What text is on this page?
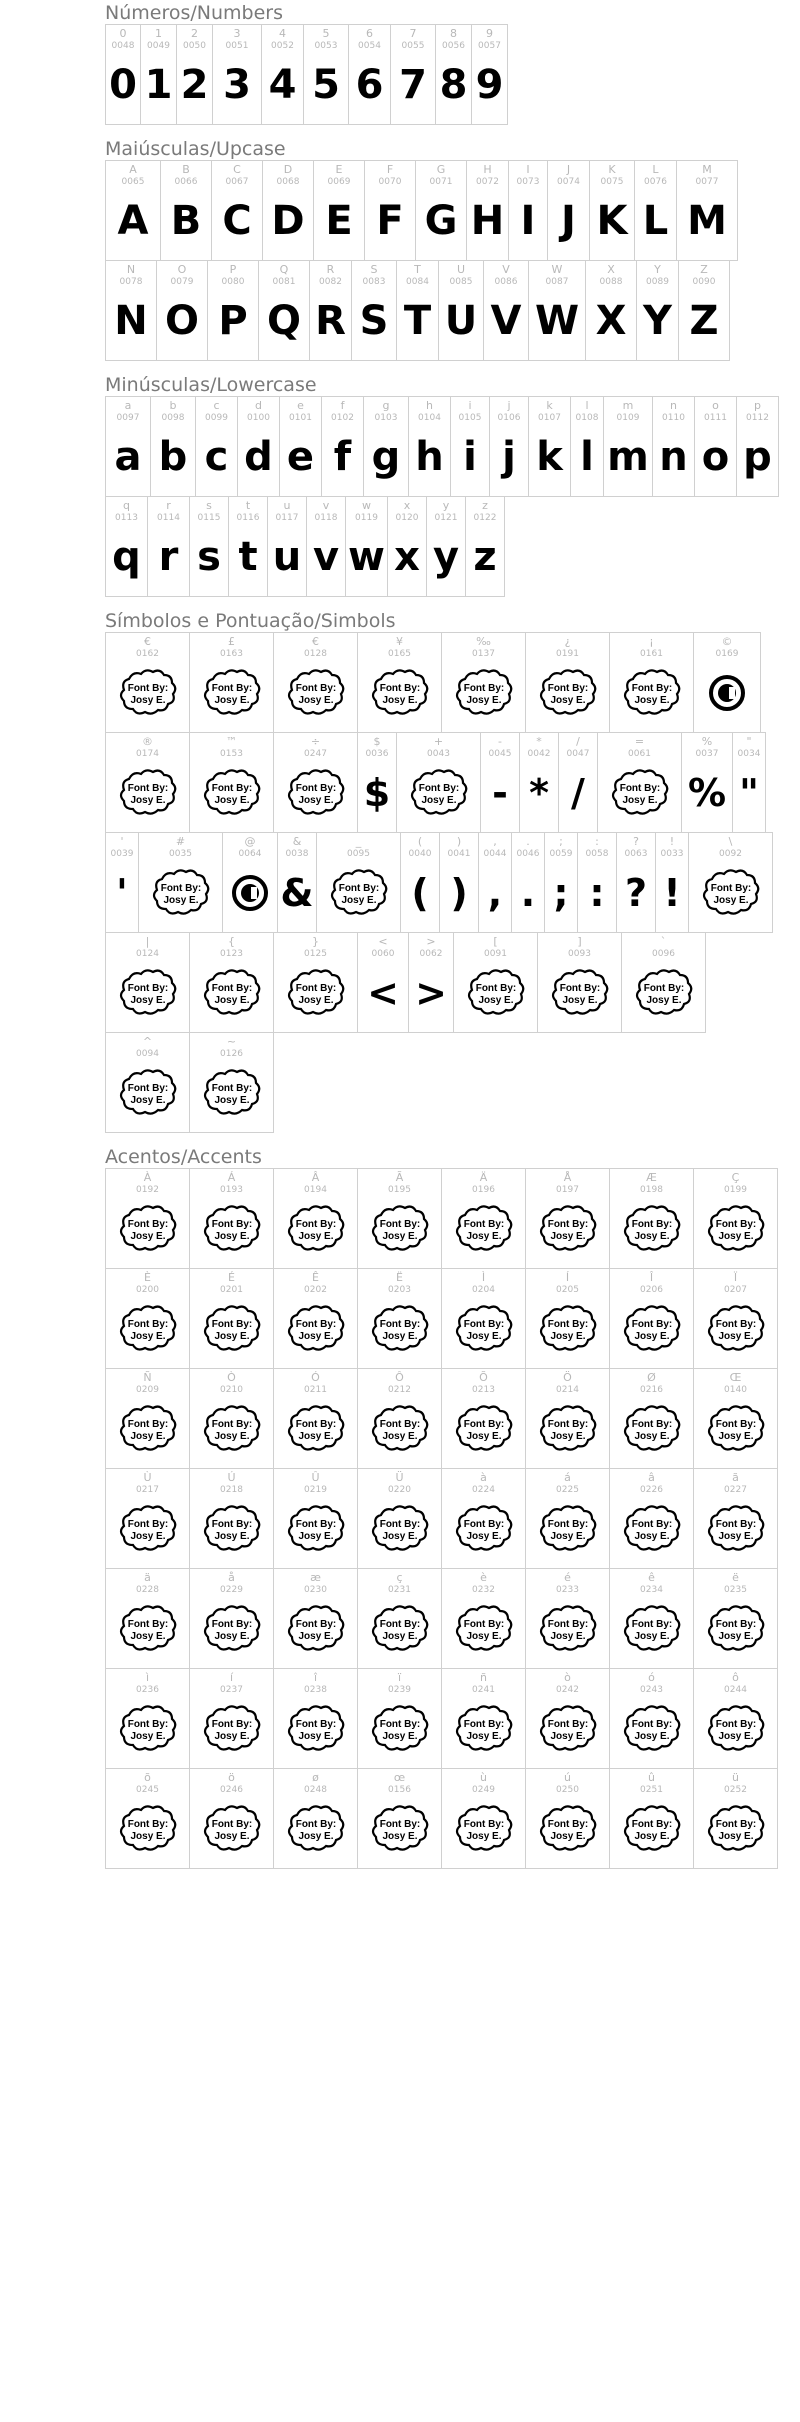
Números/Numbers
0
0048
0
1
0049
1
2
0050
2
3
0051
3
4
0052
4
5
0053
5
6
0054
6
7
0055
7
8
0056
8
9
0057
9
Maiúsculas/Upcase
A
0065
A
B
0066
B
C
0067
C
D
0068
D
E
0069
E
F
0070
F
G
0071
G
H
0072
H
I
0073
I
J
0074
J
K
0075
K
L
0076
L
M
0077
M
N
0078
N
O
0079
O
P
0080
P
Q
0081
Q
R
0082
R
S
0083
S
T
0084
T
U
0085
U
V
0086
V
W
0087
W
X
0088
X
Y
0089
Y
Z
0090
Z
Minúsculas/Lowercase
a
0097
a
b
0098
b
c
0099
c
d
0100
d
e
0101
e
f
0102
f
g
0103
g
h
0104
h
i
0105
i
j
0106
j
k
0107
k
l
0108
l
m
0109
m
n
0110
n
o
0111
o
p
0112
p
q
0113
q
r
0114
r
s
0115
s
t
0116
t
u
0117
u
v
0118
v
w
0119
w
x
0120
x
y
0121
y
z
0122
z
Símbolos e Pontuação/Simbols
€
0162
Font By:
Josy E.
£
0163
Font By:
Josy E.
€
0128
Font By:
Josy E.
¥
0165
Font By:
Josy E.
‰
0137
Font By:
Josy E.
¿
0191
Font By:
Josy E.
¡
0161
Font By:
Josy E.
©
0169
®
0174
Font By:
Josy E.
™
0153
Font By:
Josy E.
÷
0247
Font By:
Josy E.
$
0036
$
+
0043
Font By:
Josy E.
-
0045
-
*
0042
*
/
0047
/
=
0061
Font By:
Josy E.
%
0037
%
"
0034
"
'
0039
'
#
0035
Font By:
Josy E.
@
0064
&
0038
&
_
0095
Font By:
Josy E.
(
0040
(
)
0041
)
,
0044
,
.
0046
.
;
0059
;
:
0058
:
?
0063
?
!
0033
!
\
0092
Font By:
Josy E.
|
0124
Font By:
Josy E.
{
0123
Font By:
Josy E.
}
0125
Font By:
Josy E.
<
0060
<
>
0062
>
[
0091
Font By:
Josy E.
]
0093
Font By:
Josy E.
`
0096
Font By:
Josy E.
^
0094
Font By:
Josy E.
~
0126
Font By:
Josy E.
Acentos/Accents
À
0192
Font By:
Josy E.
Á
0193
Font By:
Josy E.
Â
0194
Font By:
Josy E.
Ã
0195
Font By:
Josy E.
Ä
0196
Font By:
Josy E.
Å
0197
Font By:
Josy E.
Æ
0198
Font By:
Josy E.
Ç
0199
Font By:
Josy E.
È
0200
Font By:
Josy E.
É
0201
Font By:
Josy E.
Ê
0202
Font By:
Josy E.
Ë
0203
Font By:
Josy E.
Ì
0204
Font By:
Josy E.
Í
0205
Font By:
Josy E.
Î
0206
Font By:
Josy E.
Ï
0207
Font By:
Josy E.
Ñ
0209
Font By:
Josy E.
Ò
0210
Font By:
Josy E.
Ó
0211
Font By:
Josy E.
Ô
0212
Font By:
Josy E.
Õ
0213
Font By:
Josy E.
Ö
0214
Font By:
Josy E.
Ø
0216
Font By:
Josy E.
Œ
0140
Font By:
Josy E.
Ù
0217
Font By:
Josy E.
Ú
0218
Font By:
Josy E.
Û
0219
Font By:
Josy E.
Ü
0220
Font By:
Josy E.
à
0224
Font By:
Josy E.
á
0225
Font By:
Josy E.
â
0226
Font By:
Josy E.
ã
0227
Font By:
Josy E.
ä
0228
Font By:
Josy E.
å
0229
Font By:
Josy E.
æ
0230
Font By:
Josy E.
ç
0231
Font By:
Josy E.
è
0232
Font By:
Josy E.
é
0233
Font By:
Josy E.
ê
0234
Font By:
Josy E.
ë
0235
Font By:
Josy E.
ì
0236
Font By:
Josy E.
í
0237
Font By:
Josy E.
î
0238
Font By:
Josy E.
ï
0239
Font By:
Josy E.
ñ
0241
Font By:
Josy E.
ò
0242
Font By:
Josy E.
ó
0243
Font By:
Josy E.
ô
0244
Font By:
Josy E.
õ
0245
Font By:
Josy E.
ö
0246
Font By:
Josy E.
ø
0248
Font By:
Josy E.
œ
0156
Font By:
Josy E.
ù
0249
Font By:
Josy E.
ú
0250
Font By:
Josy E.
û
0251
Font By:
Josy E.
ü
0252
Font By:
Josy E.
